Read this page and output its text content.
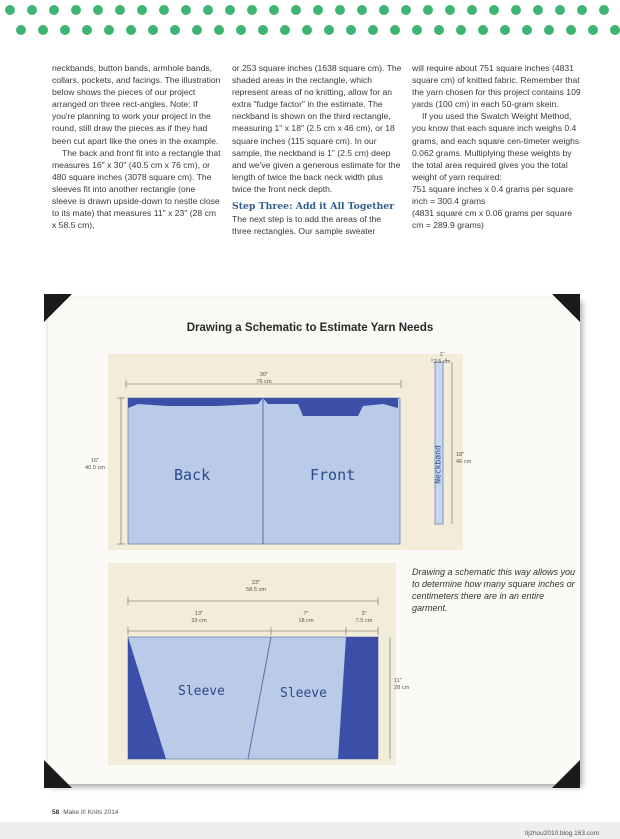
neckbands, button bands, armhole bands, collars, pockets, and facings. The illustration below shows the pieces of our project arranged on three rect-angles. Note: If you're planning to work your project in the round, still draw the pieces as if they had been cut apart like the ones in the example.

The back and front fit into a rectangle that measures 16" x 30" (40.5 cm x 76 cm), or 480 square inches (3078 square cm). The sleeves fit into another rectangle (one sleeve is drawn upside-down to nestle close to its mate) that measures 11" x 23" (28 cm x 58.5 cm),

or 253 square inches (1638 square cm). The shaded areas in the rectangle, which represent areas of no knitting, allow for an extra "fudge factor" in the estimate. The neckband is shown on the third rectangle, measuring 1" x 18" (2.5 cm x 46 cm), or 18 square inches (115 square cm). In our sample, the neckband is 1" (2.5 cm) deep and we've given a generous estimate for the length of twice the back neck width plus twice the front neck depth.

Step Three: Add it All Together

The next step is to add the areas of the three rectangles. Our sample sweater

will require about 751 square inches (4831 square cm) of knitted fabric. Remember that the yarn chosen for this project contains 109 yards (100 cm) in each 50-gram skein.

If you used the Swatch Weight Method, you know that each square inch weighs 0.4 grams, and each square cen-timeter weighs 0.062 grams. Multiplying these weights by the total area required gives you the total weight of yarn required:

751 square inches x 0.4 grams per square inch = 300.4 grams

(4831 square cm x 0.06 grams per square cm = 289.9 grams)

Drawing a Schematic to Estimate Yarn Needs
30"
76 cm
16"
40.5 cm
1"
2.5 cm
18"
46 cm
Back	Front	Neckband
23"
58.5 cm
13"
33 cm
7"
18 cm
3"
7.5 cm
11"
28 cm
Sleeve	Sleeve
Drawing a schematic this way allows you to determine how many square inches or centimeters there are in an entire garment.
58 Make it! Knits 2014
tijzhou2010.blog.163.com
